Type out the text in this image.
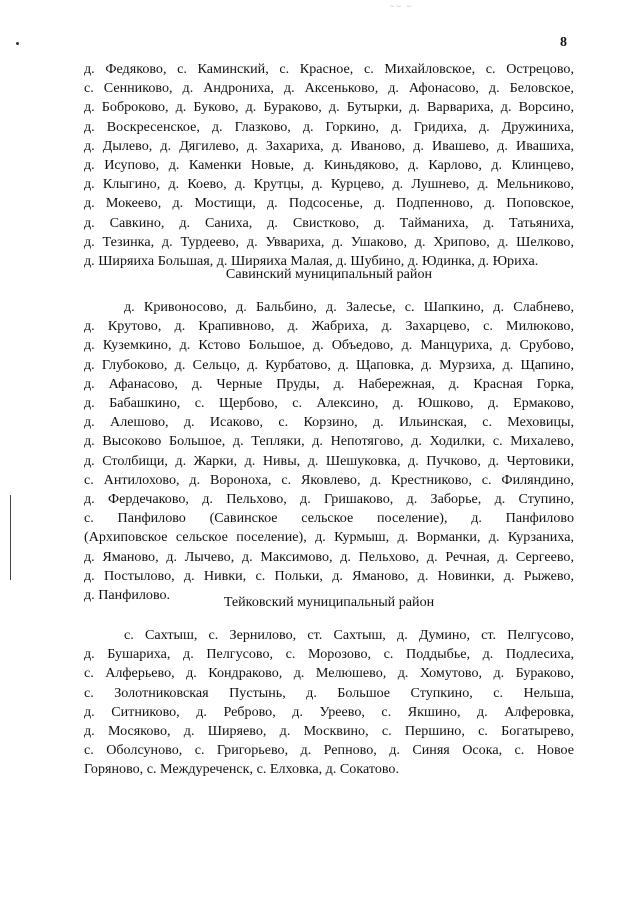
~~ ~
8

д. Федяково, с. Каминский, с. Красное, с. Михайловское, с. Острецово,

с. Сенниково, д. Андрониха, д. Аксеньково, д. Афонасово, д. Беловское,

д. Боброково, д. Буково, д. Бураково, д. Бутырки, д. Варвариха, д. Ворсино,

д. Воскресенское, д. Глазково, д. Горкино, д. Гридиха, д. Дружиниха,

д. Дылево, д. Дягилево, д. Захариха, д. Иваново, д. Ивашево, д. Ивашиха,

д. Исупово, д. Каменки Новые, д. Киньдяково, д. Карлово, д. Клинцево,

д. Клыгино, д. Коево, д. Крутцы, д. Курцево, д. Лушнево, д. Мельниково,

д. Мокеево, д. Мостищи, д. Подсосенье, д. Подпенново, д. Поповское,

д. Савкино, д. Саниха, д. Свистково, д. Тайманиха, д. Татьяниха,

д. Тезинка, д. Турдеево, д. Уввариха, д. Ушаково, д. Хрипово, д. Шелково,

д. Ширяиха Большая, д. Ширяиха Малая, д. Шубино, д. Юдинка, д. Юриха.

Савинский муниципальный район

д. Кривоносово, д. Бальбино, д. Залесье, с. Шапкино, д. Слабнево,

д. Крутово, д. Крапивново, д. Жабриха, д. Захарцево, с. Милюково,

д. Куземкино, д. Кстово Большое, д. Объедово, д. Манцуриха, д. Срубово,

д. Глубоково, д. Сельцо, д. Курбатово, д. Щаповка, д. Мурзиха, д. Щапино,

д. Афанасово, д. Черные Пруды, д. Набережная, д. Красная Горка,

д. Бабашкино, с. Щербово, с. Алексино, д. Юшково, д. Ермаково,

д. Алешово, д. Исаково, с. Корзино, д. Ильинская, с. Меховицы,

д. Высоково Большое, д. Тепляки, д. Непотягово, д. Ходилки, с. Михалево,

д. Столбищи, д. Жарки, д. Нивы, д. Шешуковка, д. Пучково, д. Чертовики,

с. Антилохово, д. Вороноха, с. Яковлево, д. Крестниково, с. Филяндино,

д. Фердечаково, д. Пельхово, д. Гришаково, д. Заборье, д. Ступино,

с. Панфилово (Савинское сельское поселение), д. Панфилово

(Архиповское сельское поселение), д. Курмыш, д. Ворманки, д. Курзаниха,

д. Яманово, д. Лычево, д. Максимово, д. Пельхово, д. Речная, д. Сергеево,

д. Постылово, д. Нивки, с. Польки, д. Яманово, д. Новинки, д. Рыжево,

д. Панфилово.	Тейковский муниципальный район

с. Сахтыш, с. Зернилово, ст. Сахтыш, д. Думино, ст. Пелгусово,

д. Бушариха, д. Пелгусово, с. Морозово, с. Поддыбье, д. Подлесиха,

с. Алферьево, д. Кондраково, д. Мелюшево, д. Хомутово, д. Бураково,

с. Золотниковская Пустынь, д. Большое Ступкино, с. Нельша,

д. Ситниково, д. Реброво, д. Уреево, с. Якшино, д. Алферовка,

д. Мосяково, д. Ширяево, д. Москвино, с. Першино, с. Богатырево,

с. Оболсуново, с. Григорьево, д. Репново, д. Синяя Осока, с. Новое

Горяново, с. Междуреченск, с. Елховка, д. Сокатово.
